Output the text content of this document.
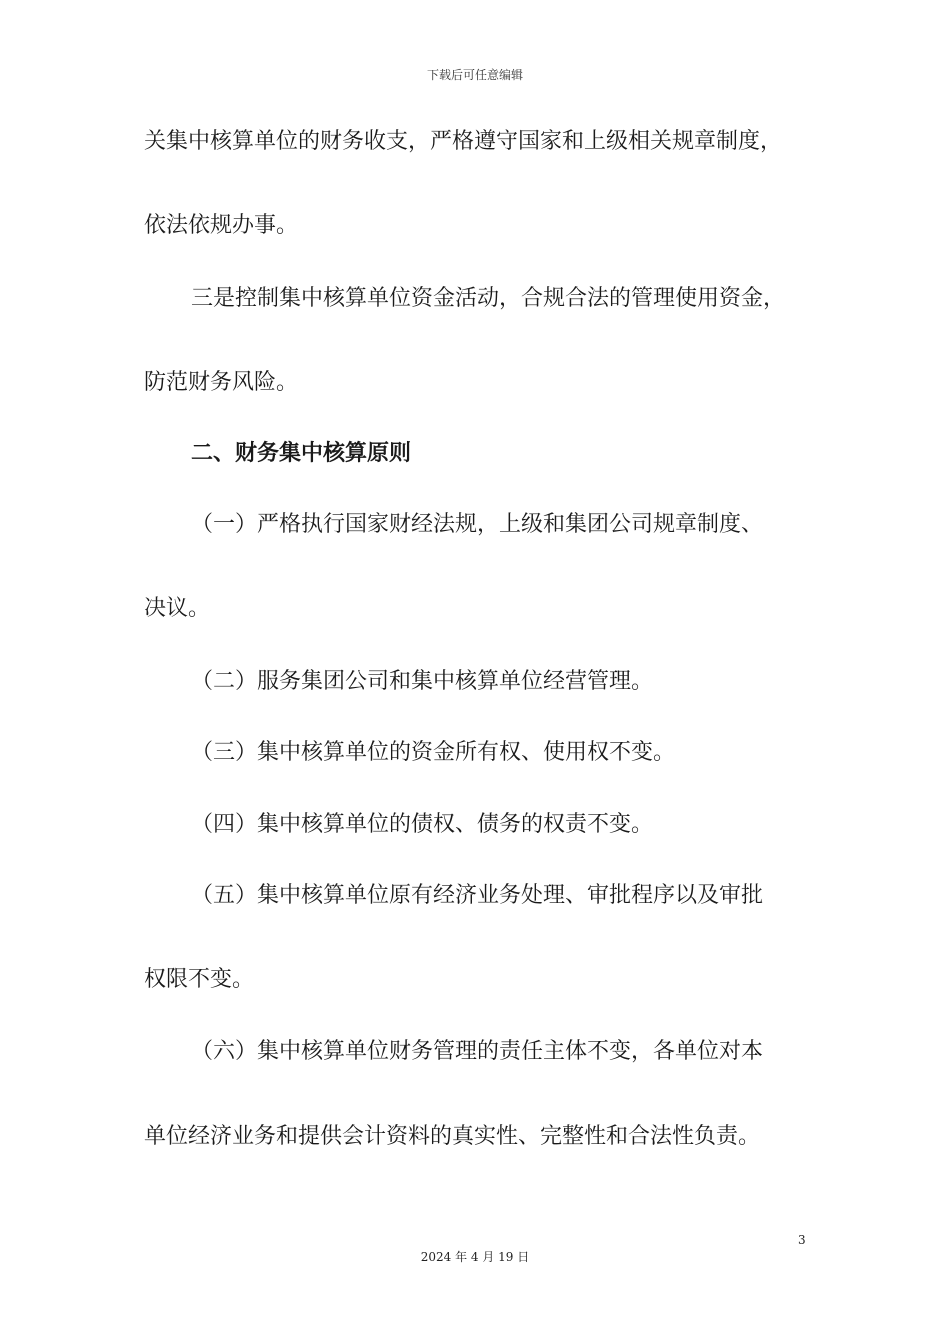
下载后可任意编辑
关集中核算单位的财务收支，严格遵守国家和上级相关规章制度，
依法依规办事。
三是控制集中核算单位资金活动，合规合法的管理使用资金，
防范财务风险。
二、财务集中核算原则
（一）严格执行国家财经法规，上级和集团公司规章制度、
决议。
（二）服务集团公司和集中核算单位经营管理。
（三）集中核算单位的资金所有权、使用权不变。
（四）集中核算单位的债权、债务的权责不变。
（五）集中核算单位原有经济业务处理、审批程序以及审批
权限不变。
（六）集中核算单位财务管理的责任主体不变，各单位对本
单位经济业务和提供会计资料的真实性、完整性和合法性负责。
3
2024 年 4 月 19 日
